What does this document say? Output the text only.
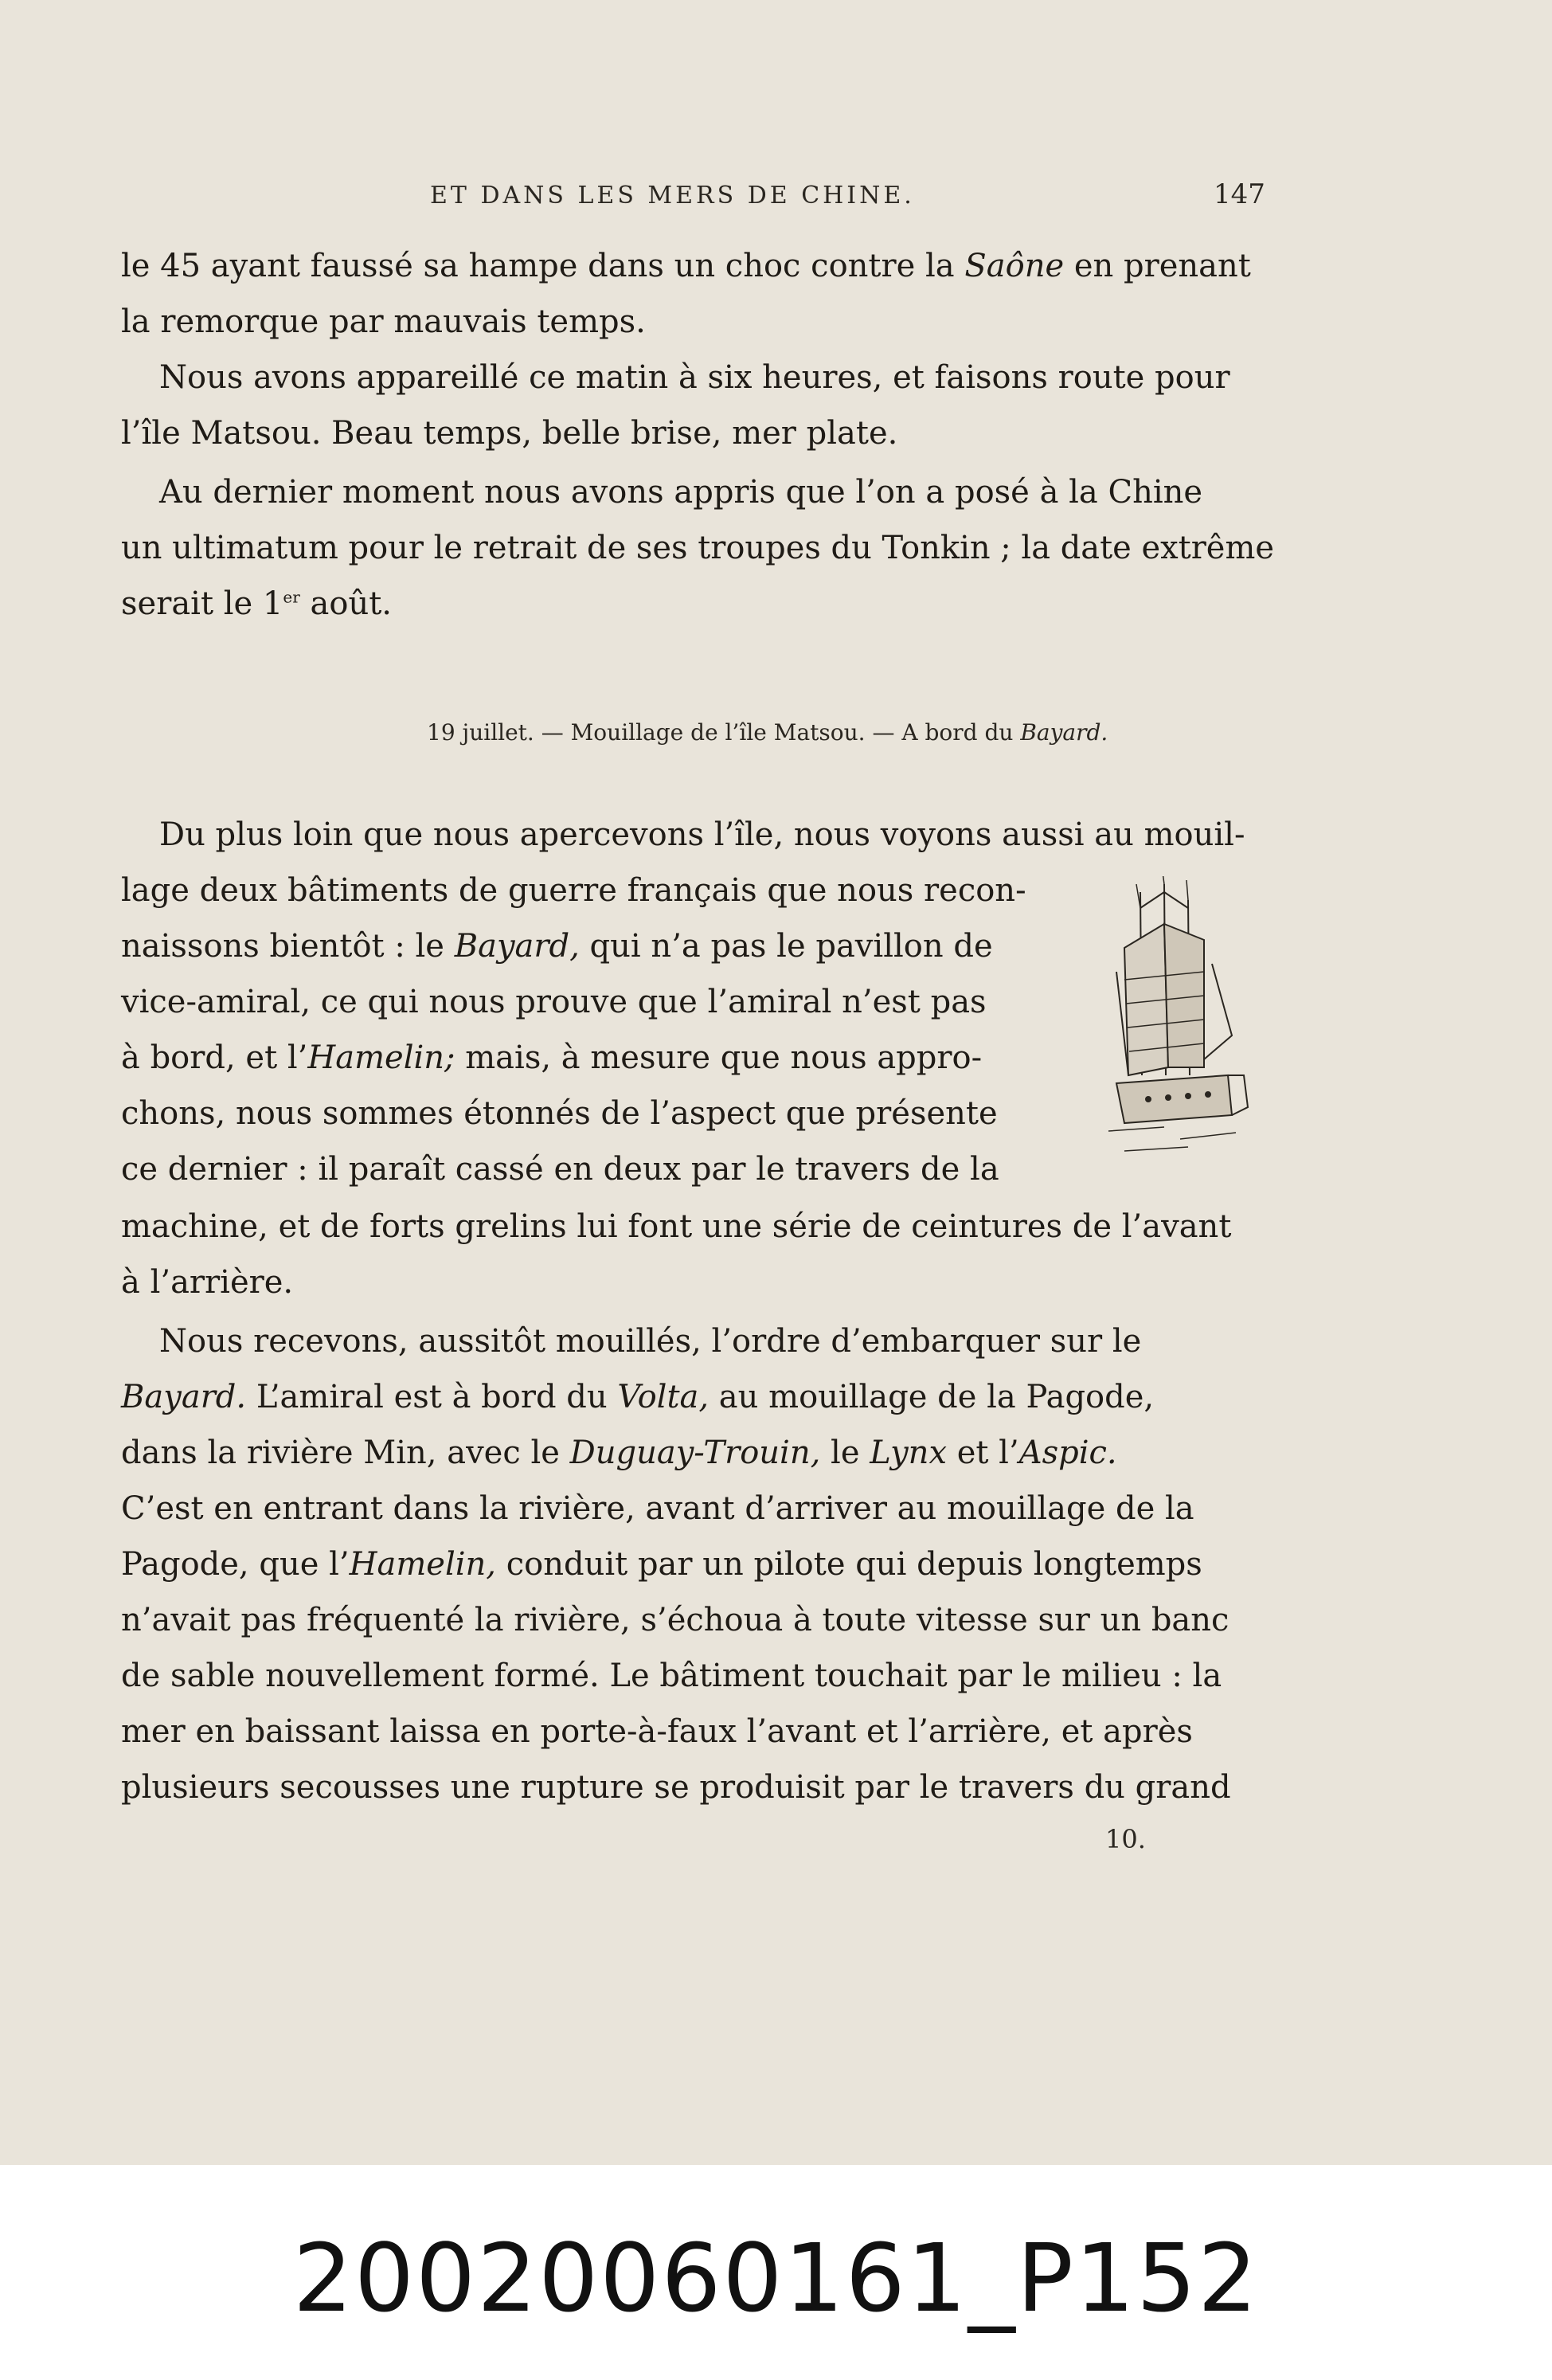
ET DANS LES MERS DE CHINE.	147
le 45 ayant faussé sa hampe dans un choc contre la Saône en prenant
la remorque par mauvais temps.
Nous avons appareillé ce matin à six heures, et faisons route pour
l’île Matsou. Beau temps, belle brise, mer plate.
Au dernier moment nous avons appris que l’on a posé à la Chine
un ultimatum pour le retrait de ses troupes du Tonkin ; la date extrême
serait le 1er août.
19 juillet. — Mouillage de l’île Matsou. — A bord du Bayard.
Du plus loin que nous apercevons l’île, nous voyons aussi au mouil-
lage deux bâtiments de guerre français que nous recon-
naissons bientôt : le Bayard, qui n’a pas le pavillon de
vice-amiral, ce qui nous prouve que l’amiral n’est pas
à bord, et l’Hamelin; mais, à mesure que nous appro-
chons, nous sommes étonnés de l’aspect que présente
ce dernier : il paraît cassé en deux par le travers de la
machine, et de forts grelins lui font une série de ceintures de l’avant
à l’arrière.
Nous recevons, aussitôt mouillés, l’ordre d’embarquer sur le
Bayard. L’amiral est à bord du Volta, au mouillage de la Pagode,
dans la rivière Min, avec le Duguay-Trouin, le Lynx et l’Aspic.
C’est en entrant dans la rivière, avant d’arriver au mouillage de la
Pagode, que l’Hamelin, conduit par un pilote qui depuis longtemps
n’avait pas fréquenté la rivière, s’échoua à toute vitesse sur un banc
de sable nouvellement formé. Le bâtiment touchait par le milieu : la
mer en baissant laissa en porte-à-faux l’avant et l’arrière, et après
plusieurs secousses une rupture se produisit par le travers du grand
10.
20020060161_P152
